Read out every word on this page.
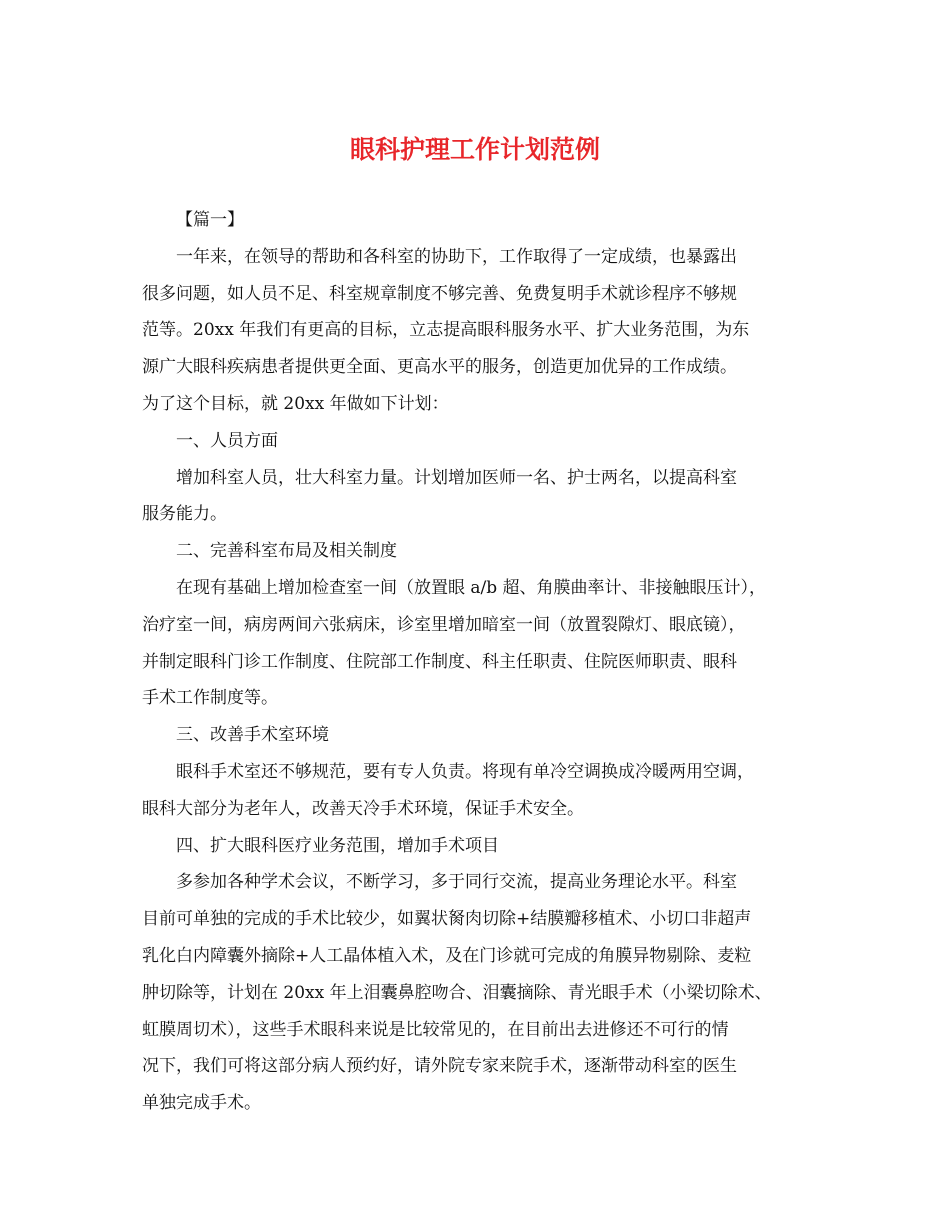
眼科护理工作计划范例
【篇一】
一年来，在领导的帮助和各科室的协助下，工作取得了一定成绩，也暴露出
很多问题，如人员不足、科室规章制度不够完善、免费复明手术就诊程序不够规
范等。20xx 年我们有更高的目标，立志提高眼科服务水平、扩大业务范围，为东
源广大眼科疾病患者提供更全面、更高水平的服务，创造更加优异的工作成绩。
为了这个目标，就 20xx 年做如下计划：
一、人员方面
增加科室人员，壮大科室力量。计划增加医师一名、护士两名，以提高科室
服务能力。
二、完善科室布局及相关制度
在现有基础上增加检查室一间（放置眼 a/b 超、角膜曲率计、非接触眼压计），
治疗室一间，病房两间六张病床，诊室里增加暗室一间（放置裂隙灯、眼底镜），
并制定眼科门诊工作制度、住院部工作制度、科主任职责、住院医师职责、眼科
手术工作制度等。
三、改善手术室环境
眼科手术室还不够规范，要有专人负责。将现有单冷空调换成冷暖两用空调，
眼科大部分为老年人，改善天冷手术环境，保证手术安全。
四、扩大眼科医疗业务范围，增加手术项目
多参加各种学术会议，不断学习，多于同行交流，提高业务理论水平。科室
目前可单独的完成的手术比较少，如翼状胬肉切除+结膜瓣移植术、小切口非超声
乳化白内障囊外摘除+人工晶体植入术，及在门诊就可完成的角膜异物剔除、麦粒
肿切除等，计划在 20xx 年上泪囊鼻腔吻合、泪囊摘除、青光眼手术（小梁切除术、
虹膜周切术），这些手术眼科来说是比较常见的，在目前出去进修还不可行的情
况下，我们可将这部分病人预约好，请外院专家来院手术，逐渐带动科室的医生
单独完成手术。
